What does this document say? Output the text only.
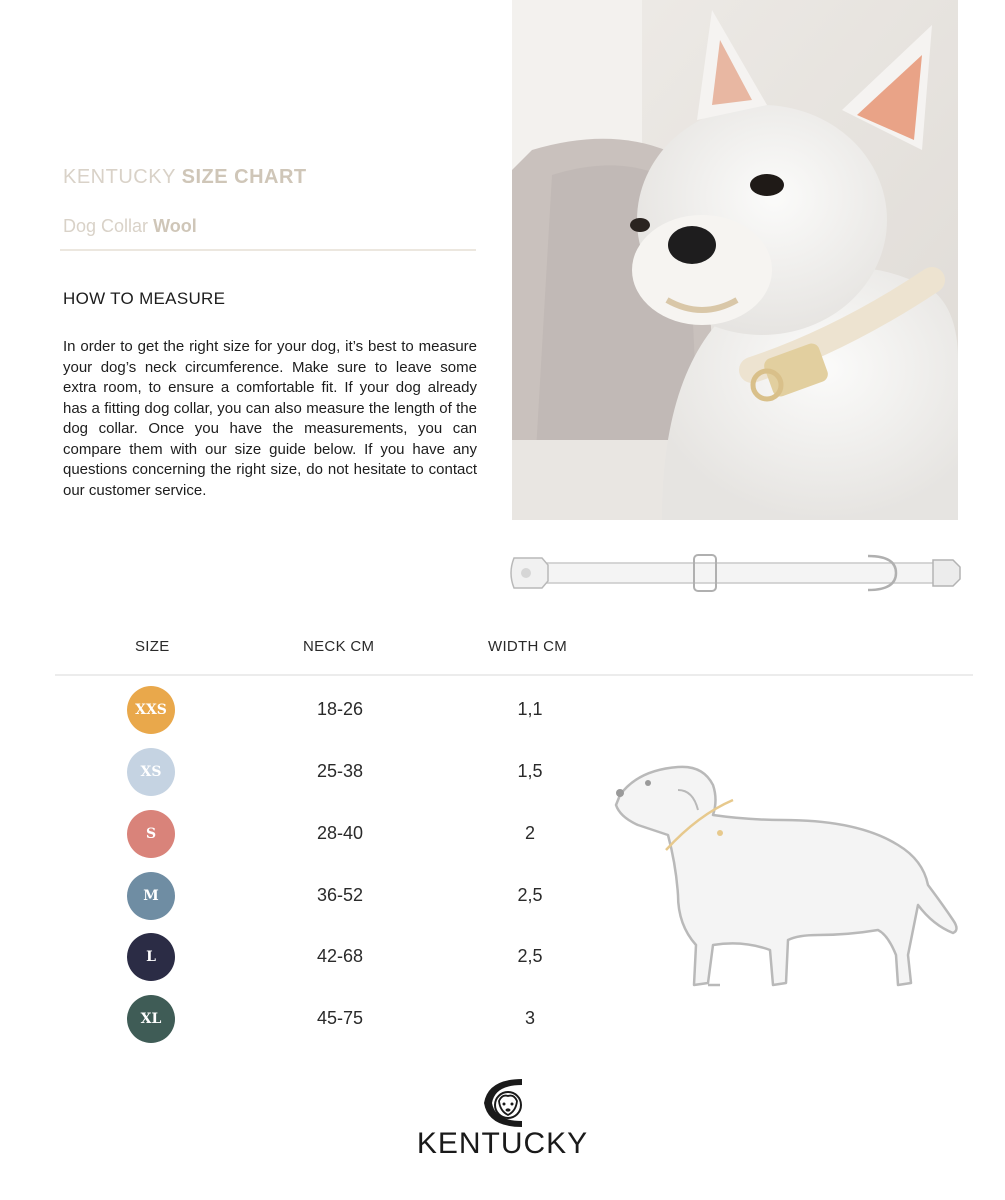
KENTUCKY SIZE CHART
Dog Collar Wool
HOW TO MEASURE

In order to get the right size for your dog, it’s best to measure your dog’s neck circumference. Make sure to leave some extra room, to ensure a comfortable fit. If your dog already has a fitting dog collar, you can also measure the length of the dog collar. Once you have the measurements, you can compare them with our size guide below. If you have any questions concerning the right size, do not hesitate to contact our customer service.

SIZE	NECK CM	WIDTH CM
XXS	18-26	1,1
XS	25-38	1,5
S	28-40	2
M	36-52	2,5
L	42-68	2,5
XL	45-75	3
KENTUCKY
